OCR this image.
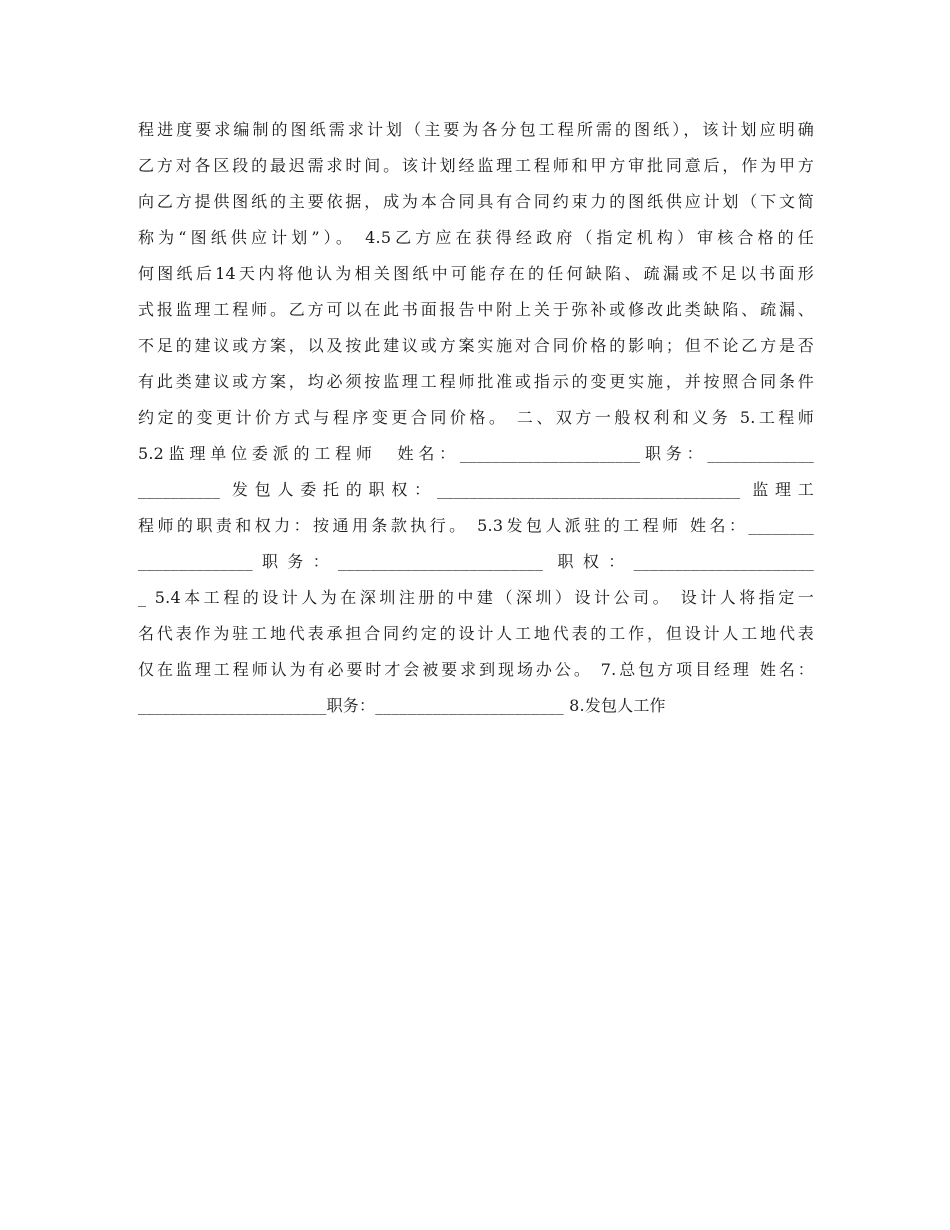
程进度要求编制的图纸需求计划（主要为各分包工程所需的图纸），该计划应明确
乙方对各区段的最迟需求时间。该计划经监理工程师和甲方审批同意后，作为甲方
向乙方提供图纸的主要依据，成为本合同具有合同约束力的图纸供应计划（下文简
称为“图纸供应计划”）。 4.5乙方应在获得经政府（指定机构）审核合格的任
何图纸后14天内将他认为相关图纸中可能存在的任何缺陷、疏漏或不足以书面形
式报监理工程师。乙方可以在此书面报告中附上关于弥补或修改此类缺陷、疏漏、
不足的建议或方案，以及按此建议或方案实施对合同价格的影响；但不论乙方是否
有此类建议或方案，均必须按监理工程师批准或指示的变更实施，并按照合同条件
约定的变更计价方式与程序变更合同价格。 二、双方一般权利和义务 5.工程师
5.2监理单位委派的工程师　姓名：______________________职务：_____________
__________ 发包人委托的职权：_____________________________________ 监理工
程师的职责和权力：按通用条款执行。 5.3发包人派驻的工程师 姓名：________
______________职务：_________________________ 职权：______________________
_ 5.4本工程的设计人为在深圳注册的中建（深圳）设计公司。 设计人将指定一
名代表作为驻工地代表承担合同约定的设计人工地代表的工作，但设计人工地代表
仅在监理工程师认为有必要时才会被要求到现场办公。 7.总包方项目经理 姓名：
_______________________职务：_______________________ 8.发包人工作
